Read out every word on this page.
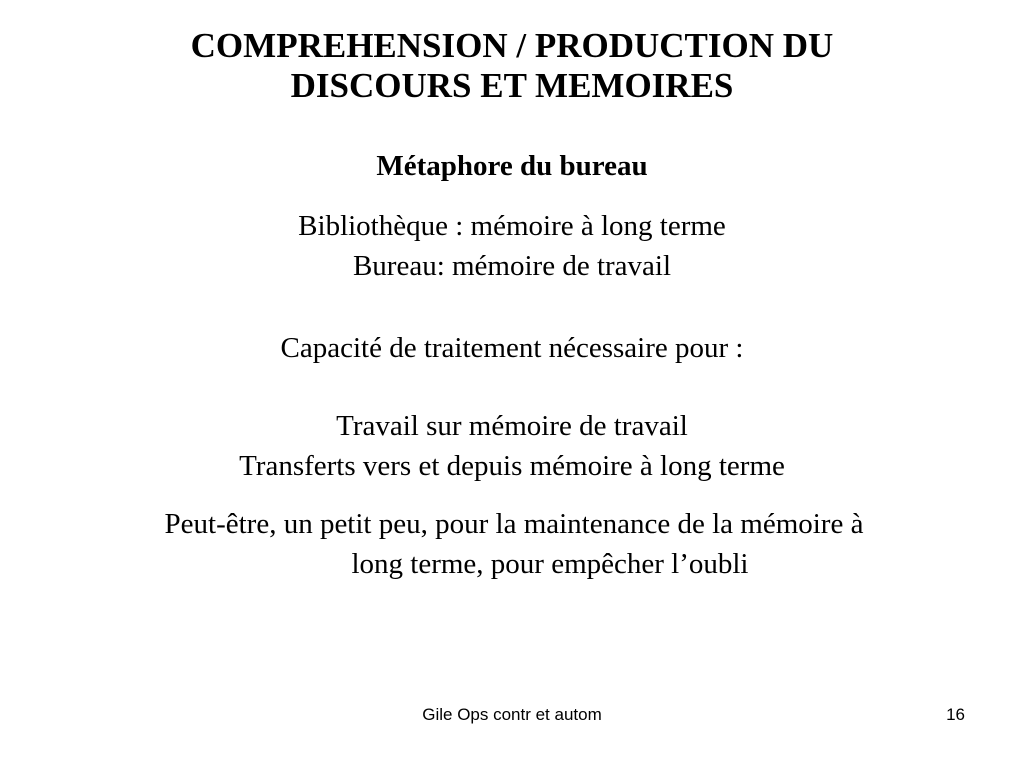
COMPREHENSION / PRODUCTION DU
DISCOURS ET MEMOIRES
Métaphore du bureau
Bibliothèque : mémoire à long terme
Bureau: mémoire de travail
Capacité de traitement nécessaire pour :
Travail sur mémoire de travail
Transferts vers et depuis mémoire à long terme
Peut-être, un petit peu, pour la maintenance de la mémoire à
long terme, pour empêcher l’oubli
Gile Ops contr et autom	16
